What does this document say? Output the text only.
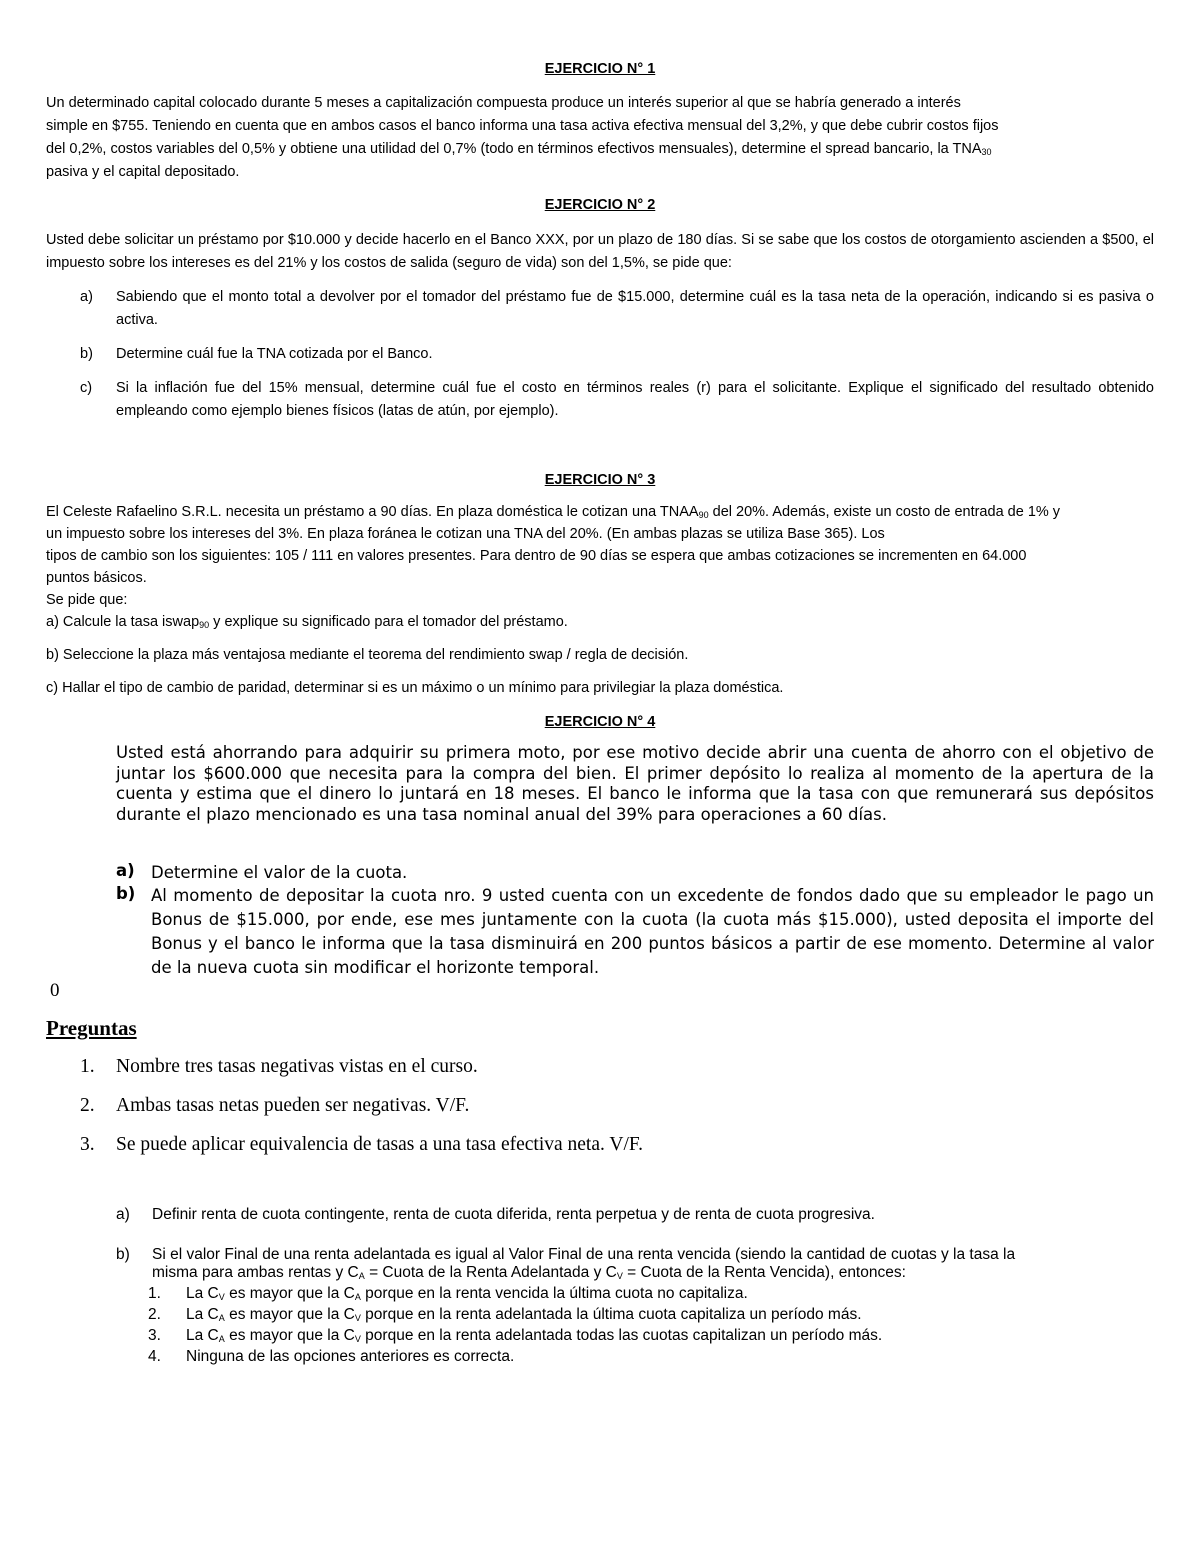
EJERCICIO N° 1
Un determinado capital colocado durante 5 meses a capitalización compuesta produce un interés superior al que se habría generado a interés
simple en $755. Teniendo en cuenta que en ambos casos el banco informa una tasa activa efectiva mensual del 3,2%, y que debe cubrir costos fijos
del 0,2%, costos variables del 0,5% y obtiene una utilidad del 0,7% (todo en términos efectivos mensuales), determine el spread bancario, la $TNA_{30}$
pasiva y el capital depositado.
EJERCICIO N° 2
Usted debe solicitar un préstamo por $10.000 y decide hacerlo en el Banco XXX, por un plazo de 180 días. Si se sabe que los costos de otorgamiento ascienden a $500, el impuesto sobre los intereses es del 21% y los costos de salida (seguro de vida) son del 1,5%, se pide que:
a) Sabiendo que el monto total a devolver por el tomador del préstamo fue de $15.000, determine cuál es la tasa neta de la operación, indicando si es pasiva o activa.
b) Determine cuál fue la TNA cotizada por el Banco.
c) Si la inflación fue del 15% mensual, determine cuál fue el costo en términos reales (r) para el solicitante. Explique el significado del resultado obtenido empleando como ejemplo bienes físicos (latas de atún, por ejemplo).
EJERCICIO N° 3
El Celeste Rafaelino S.R.L. necesita un préstamo a 90 días. En plaza doméstica le cotizan una $TNAA_{90}$ del 20%. Además, existe un costo de entrada de 1% y
un impuesto sobre los intereses del 3%. En plaza foránea le cotizan una TNA del 20%. (En ambas plazas se utiliza Base 365). Los
tipos de cambio son los siguientes: 105 / 111 en valores presentes. Para dentro de 90 días se espera que ambas cotizaciones se incrementen en 64.000
puntos básicos.
Se pide que:
a) Calcule la tasa iswap$_{90}$ y explique su significado para el tomador del préstamo.
b) Seleccione la plaza más ventajosa mediante el teorema del rendimiento swap / regla de decisión.
c) Hallar el tipo de cambio de paridad, determinar si es un máximo o un mínimo para privilegiar la plaza doméstica.
EJERCICIO N° 4
Usted está ahorrando para adquirir su primera moto, por ese motivo decide abrir una cuenta de ahorro con el objetivo de juntar los $600.000 que necesita para la compra del bien. El primer depósito lo realiza al momento de la apertura de la cuenta y estima que el dinero lo juntará en 18 meses. El banco le informa que la tasa con que remunerará sus depósitos durante el plazo mencionado es una tasa nominal anual del 39% para operaciones a 60 días.
a) Determine el valor de la cuota.
b) Al momento de depositar la cuota nro. 9 usted cuenta con un excedente de fondos dado que su empleador le pago un Bonus de $15.000, por ende, ese mes juntamente con la cuota (la cuota más $15.000), usted deposita el importe del Bonus y el banco le informa que la tasa disminuirá en 200 puntos básicos a partir de ese momento. Determine al valor de la nueva cuota sin modificar el horizonte temporal.
0
Preguntas
1. Nombre tres tasas negativas vistas en el curso.
2. Ambas tasas netas pueden ser negativas. V/F.
3. Se puede aplicar equivalencia de tasas a una tasa efectiva neta. V/F.
a) Definir renta de cuota contingente, renta de cuota diferida, renta perpetua y de renta de cuota progresiva.
b) Si el valor Final de una renta adelantada es igual al Valor Final de una renta vencida (siendo la cantidad de cuotas y la tasa la
misma para ambas rentas y $C_A$ = Cuota de la Renta Adelantada y $C_V$ = Cuota de la Renta Vencida), entonces:
1. La $C_V$ es mayor que la $C_A$ porque en la renta vencida la última cuota no capitaliza.
2. La $C_A$ es mayor que la $C_V$ porque en la renta adelantada la última cuota capitaliza un período más.
3. La $C_A$ es mayor que la $C_V$ porque en la renta adelantada todas las cuotas capitalizan un período más.
4. Ninguna de las opciones anteriores es correcta.
